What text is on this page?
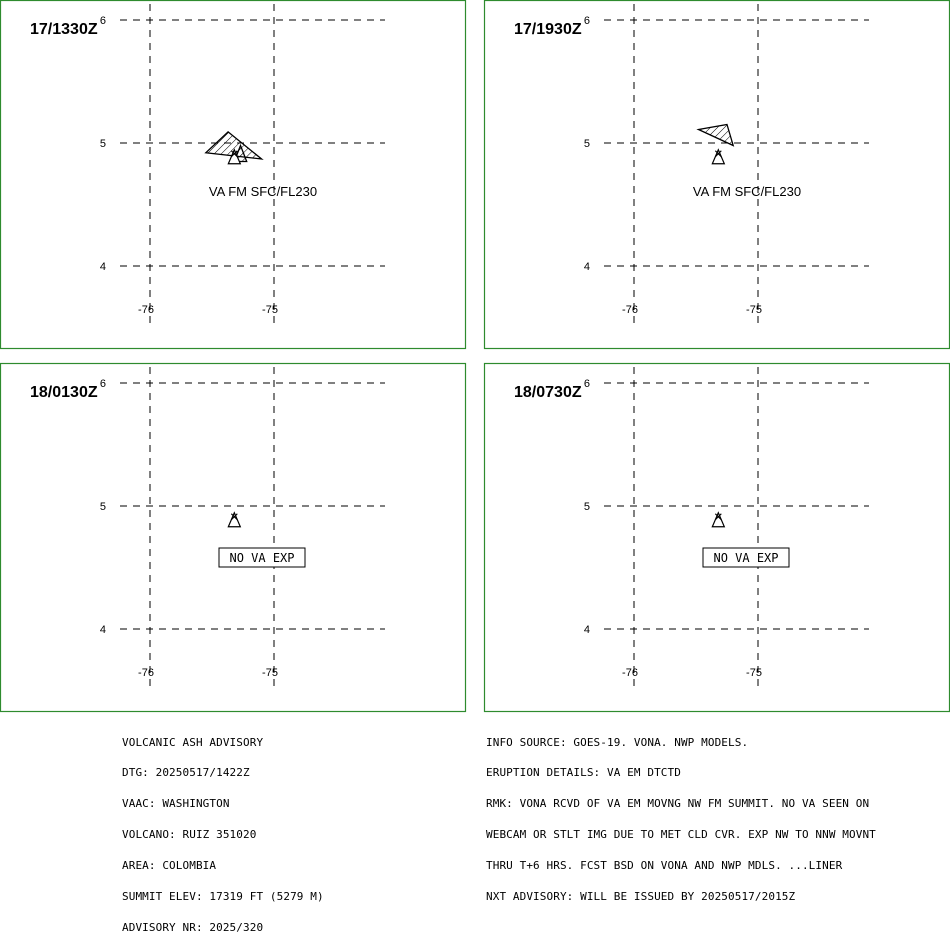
-76	-75
6
5
4
17/1330Z
VA FM SFC/FL230
-76	-75
6
5
4
17/1930Z
VA FM SFC/FL230
-76	-75
6
5
4
18/0130Z
NO VA EXP
-76	-75
6
5
4
18/0730Z
NO VA EXP

VOLCANIC ASH ADVISORY

DTG: 20250517/1422Z

VAAC: WASHINGTON

VOLCANO: RUIZ 351020

AREA: COLOMBIA

SUMMIT ELEV: 17319 FT (5279 M)

ADVISORY NR: 2025/320

INFO SOURCE: GOES-19. VONA. NWP MODELS.

ERUPTION DETAILS: VA EM DTCTD

RMK: VONA RCVD OF VA EM MOVNG NW FM SUMMIT. NO VA SEEN ON

WEBCAM OR STLT IMG DUE TO MET CLD CVR. EXP NW TO NNW MOVNT

THRU T+6 HRS. FCST BSD ON VONA AND NWP MDLS. ...LINER

NXT ADVISORY: WILL BE ISSUED BY 20250517/2015Z
